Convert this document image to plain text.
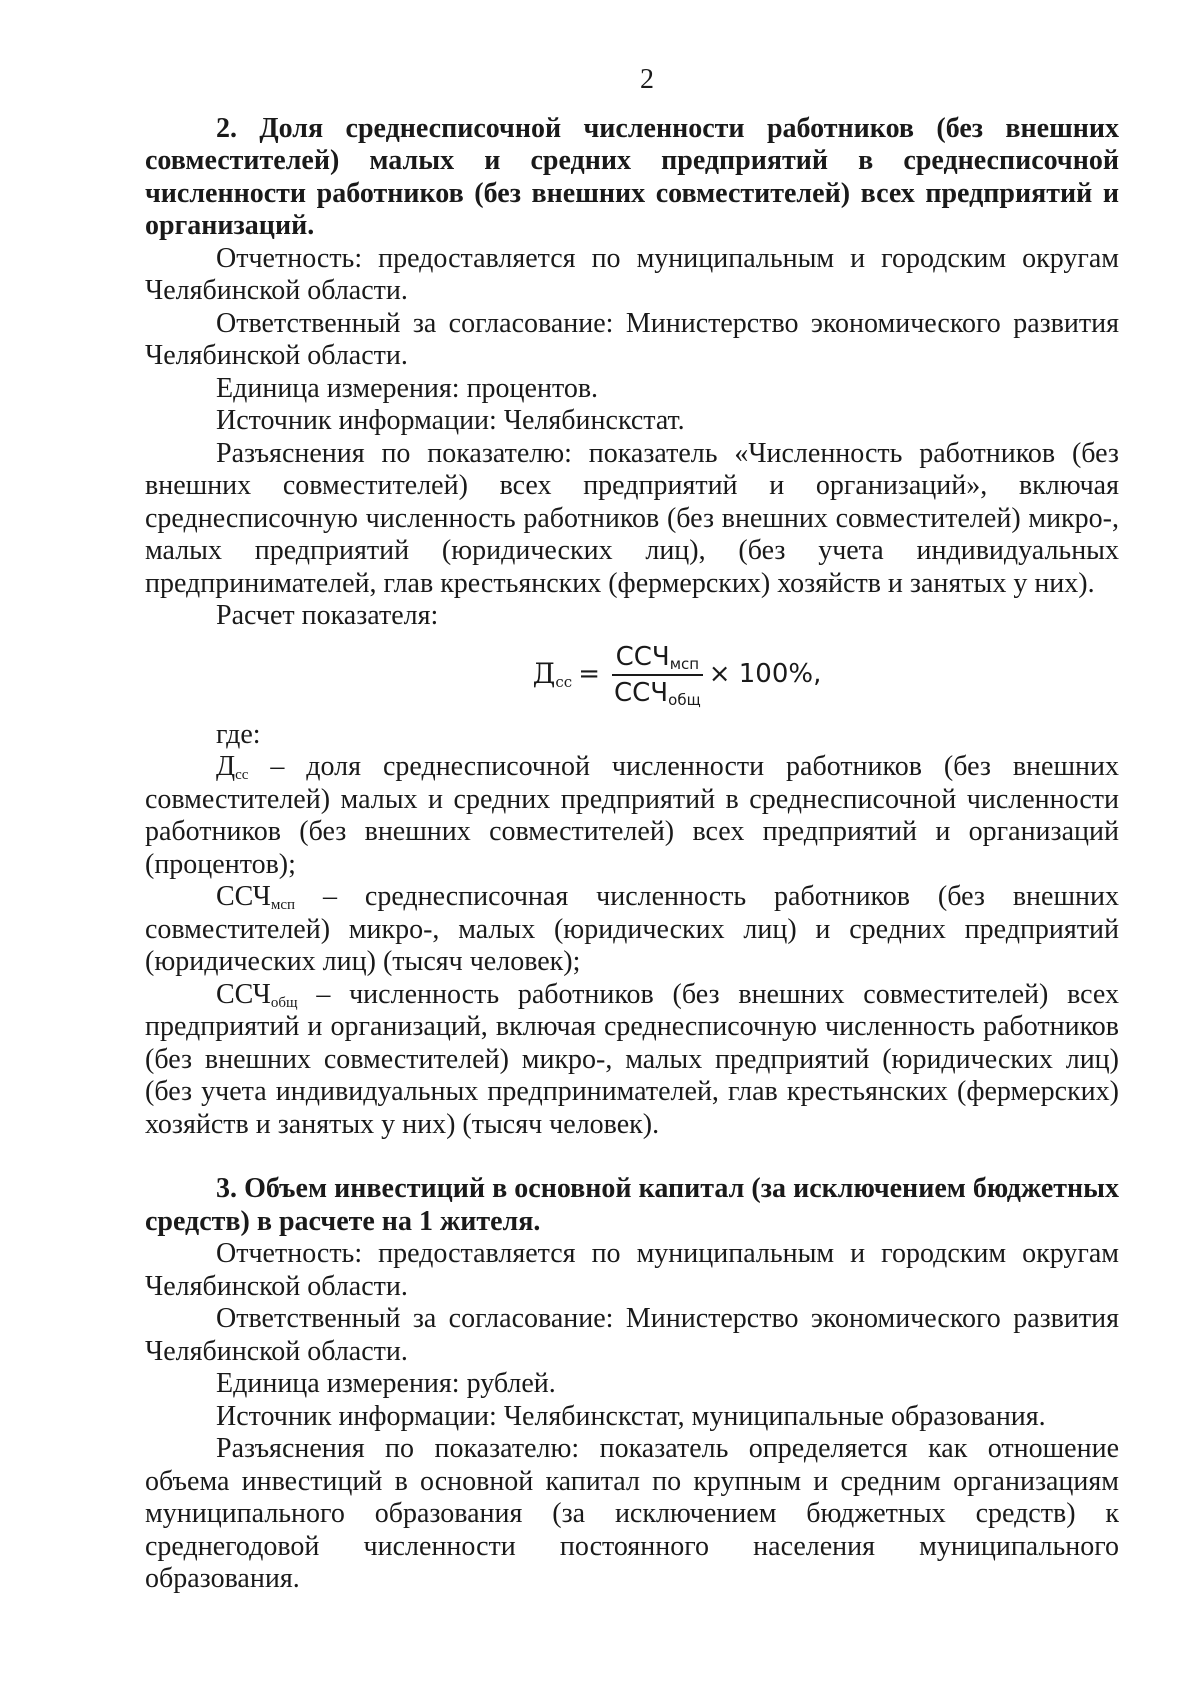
2

2. Доля среднесписочной численности работников (без внешних совместителей) малых и средних предприятий в среднесписочной численности работников (без внешних совместителей) всех предприятий и организаций.

Отчетность: предоставляется по муниципальным и городским округам Челябинской области.

Ответственный за согласование: Министерство экономического развития Челябинской области.

Единица измерения: процентов.

Источник информации: Челябинскстат.

Разъяснения по показателю: показатель «Численность работников (без внешних совместителей) всех предприятий и организаций», включая среднесписочную численность работников (без внешних совместителей) микро-, малых предприятий (юридических лиц), (без учета индивидуальных предпринимателей, глав крестьянских (фермерских) хозяйств и занятых у них).

Расчет показателя:

$Д_{сс} = \frac{ССЧ_{мсп}}{ССЧ_{общ}} \times 100\%$,

где:

$Д_{сс}$ – доля среднесписочной численности работников (без внешних совместителей) малых и средних предприятий в среднесписочной численности работников (без внешних совместителей) всех предприятий и организаций (процентов);

$ССЧ_{мсп}$ – среднесписочная численность работников (без внешних совместителей) микро-, малых (юридических лиц) и средних предприятий (юридических лиц) (тысяч человек);

$ССЧ_{общ}$ – численность работников (без внешних совместителей) всех предприятий и организаций, включая среднесписочную численность работников (без внешних совместителей) микро-, малых предприятий (юридических лиц) (без учета индивидуальных предпринимателей, глав крестьянских (фермерских) хозяйств и занятых у них) (тысяч человек).

3. Объем инвестиций в основной капитал (за исключением бюджетных средств) в расчете на 1 жителя.

Отчетность: предоставляется по муниципальным и городским округам Челябинской области.

Ответственный за согласование: Министерство экономического развития Челябинской области.

Единица измерения: рублей.

Источник информации: Челябинскстат, муниципальные образования.

Разъяснения по показателю: показатель определяется как отношение объема инвестиций в основной капитал по крупным и средним организациям муниципального образования (за исключением бюджетных средств) к среднегодовой численности постоянного населения муниципального образования.
